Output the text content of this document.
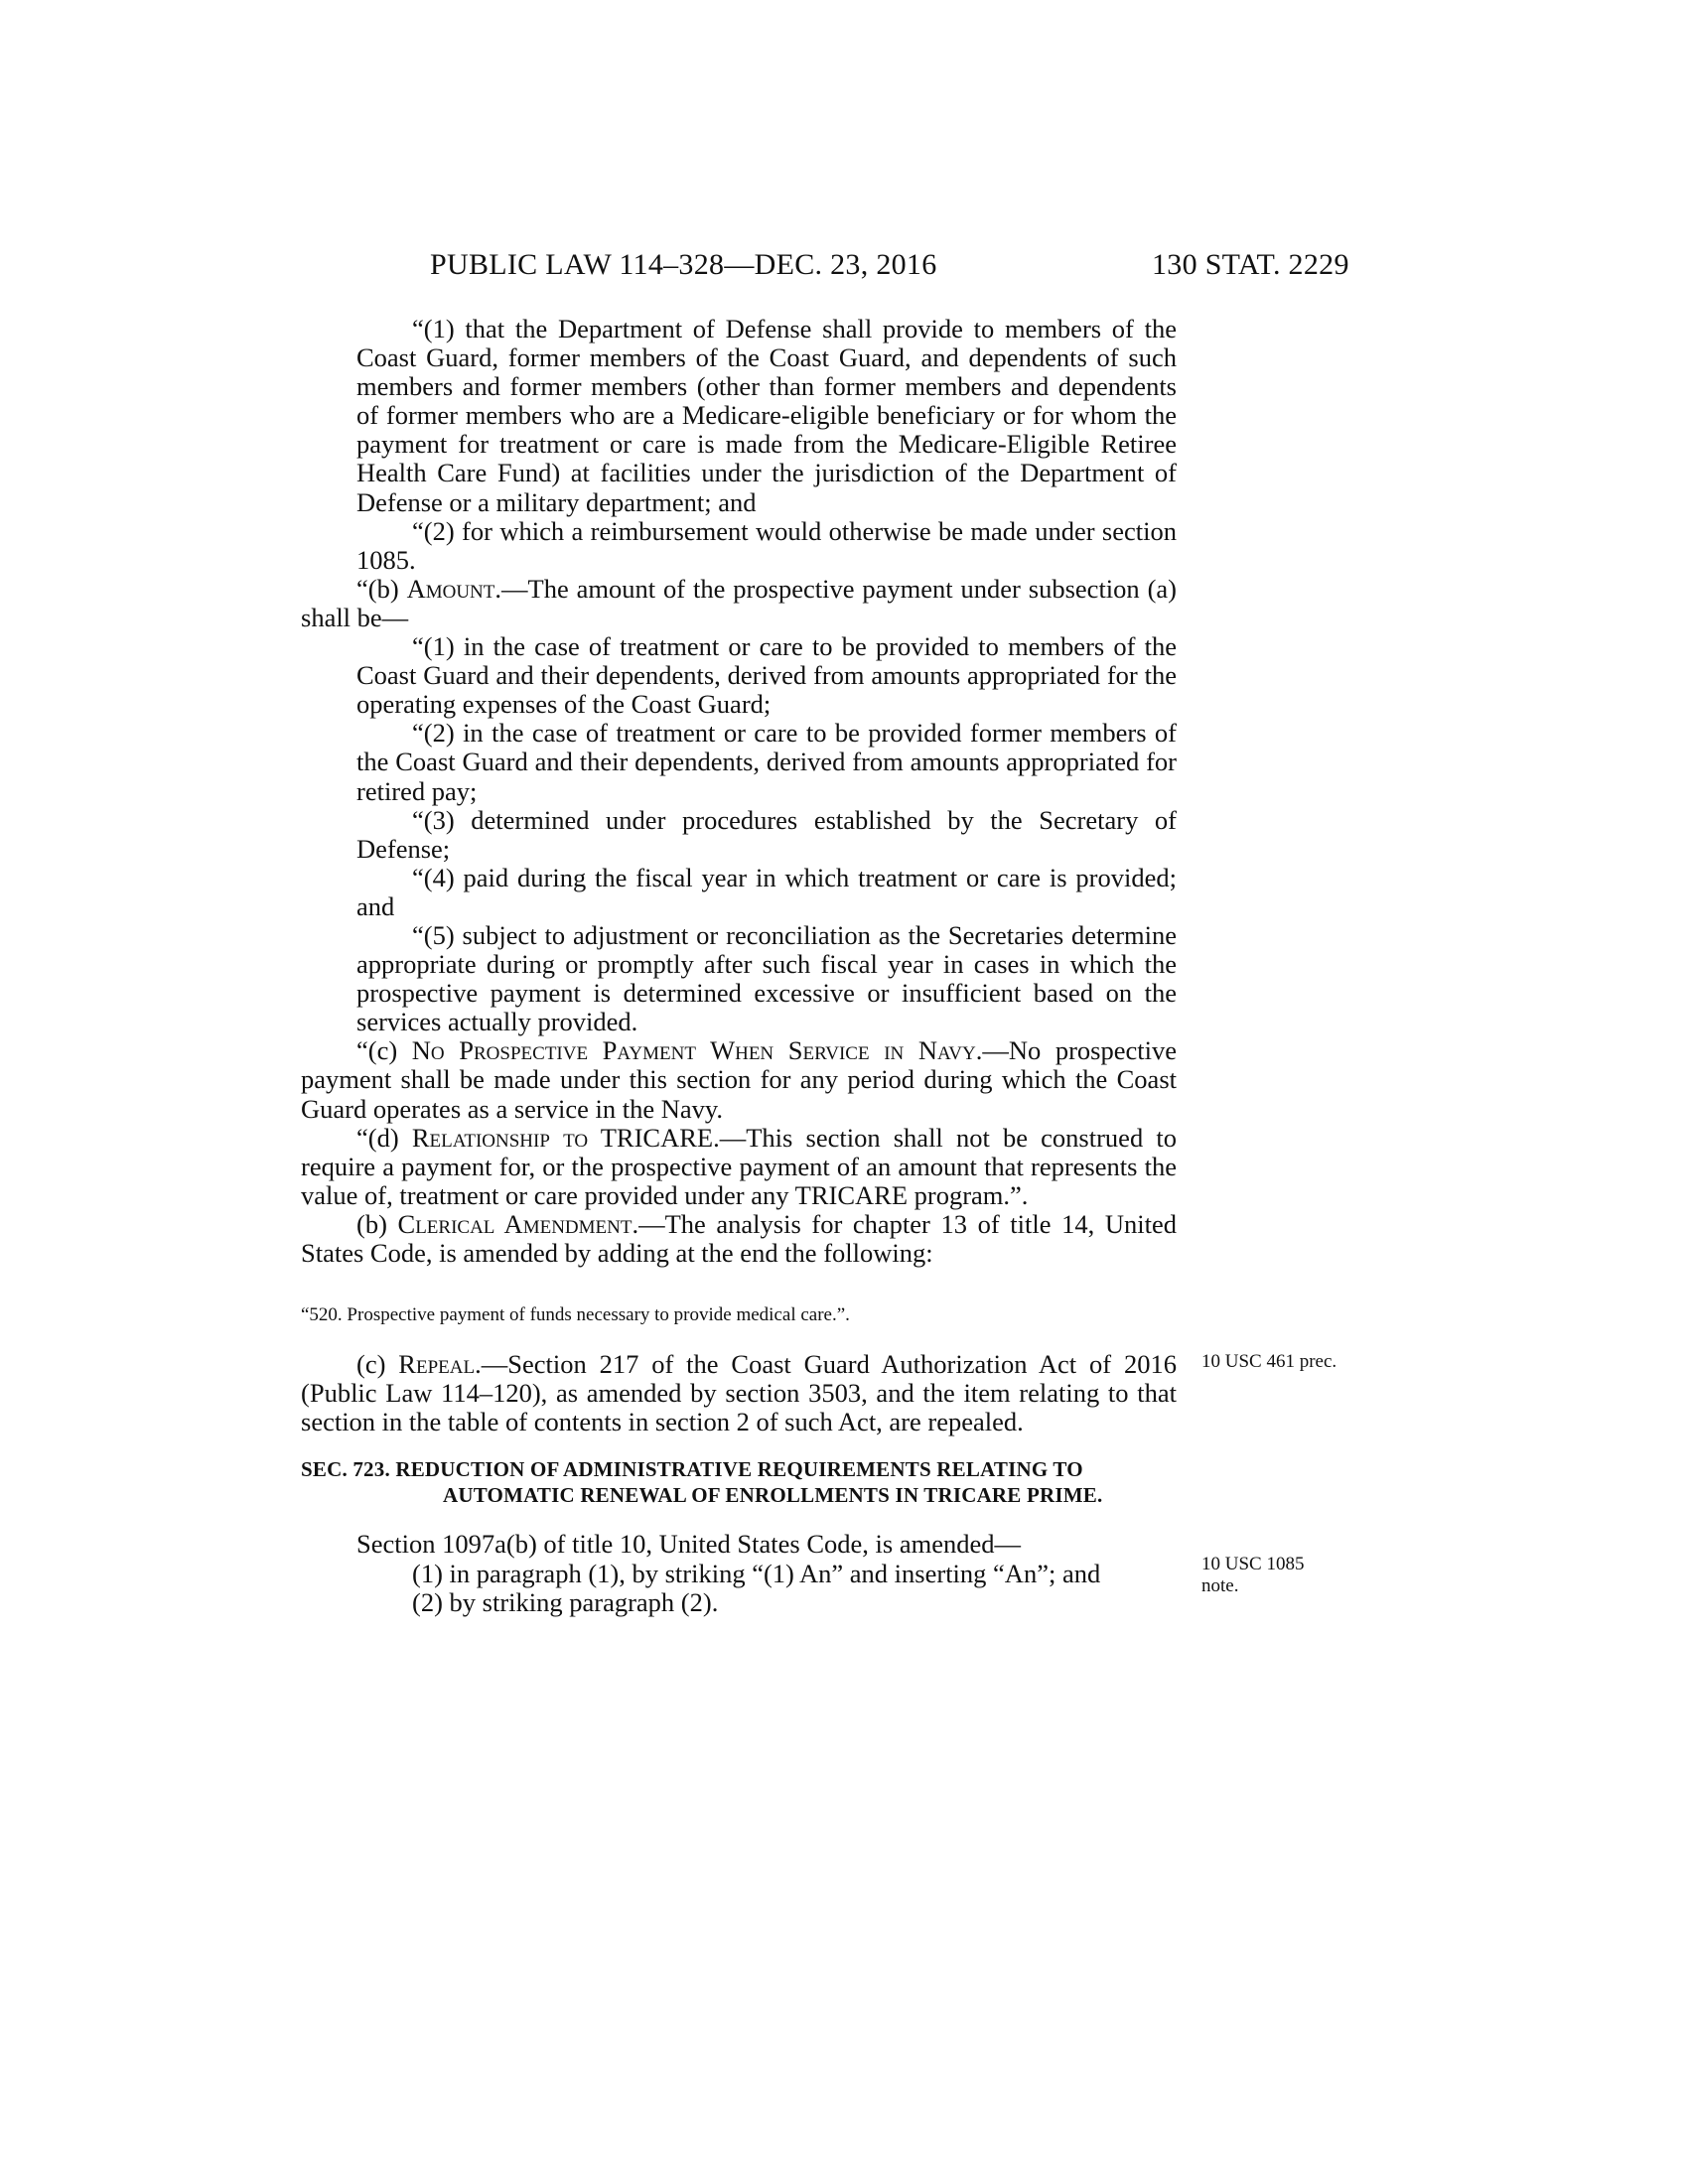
PUBLIC LAW 114–328—DEC. 23, 2016	130 STAT. 2229

“(1) that the Department of Defense shall provide to members of the Coast Guard, former members of the Coast Guard, and dependents of such members and former members (other than former members and dependents of former members who are a Medicare-eligible beneficiary or for whom the payment for treatment or care is made from the Medicare-Eligible Retiree Health Care Fund) at facilities under the jurisdiction of the Department of Defense or a military department; and

“(2) for which a reimbursement would otherwise be made under section 1085.

“(b) Amount.—The amount of the prospective payment under subsection (a) shall be—

“(1) in the case of treatment or care to be provided to members of the Coast Guard and their dependents, derived from amounts appropriated for the operating expenses of the Coast Guard;

“(2) in the case of treatment or care to be provided former members of the Coast Guard and their dependents, derived from amounts appropriated for retired pay;

“(3) determined under procedures established by the Secretary of Defense;

“(4) paid during the fiscal year in which treatment or care is provided; and

“(5) subject to adjustment or reconciliation as the Secretaries determine appropriate during or promptly after such fiscal year in cases in which the prospective payment is determined excessive or insufficient based on the services actually provided.

“(c) No Prospective Payment When Service in Navy.—No prospective payment shall be made under this section for any period during which the Coast Guard operates as a service in the Navy.

“(d) Relationship to TRICARE.—This section shall not be construed to require a payment for, or the prospective payment of an amount that represents the value of, treatment or care provided under any TRICARE program.”.

(b) Clerical Amendment.—The analysis for chapter 13 of title 14, United States Code, is amended by adding at the end the following:

“520. Prospective payment of funds necessary to provide medical care.”.

(c) Repeal.—Section 217 of the Coast Guard Authorization Act of 2016 (Public Law 114–120), as amended by section 3503, and the item relating to that section in the table of contents in section 2 of such Act, are repealed.

SEC. 723. REDUCTION OF ADMINISTRATIVE REQUIREMENTS RELATING TO AUTOMATIC RENEWAL OF ENROLLMENTS IN TRICARE PRIME.

Section 1097a(b) of title 10, United States Code, is amended—

(1) in paragraph (1), by striking “(1) An” and inserting “An”; and

(2) by striking paragraph (2).

10 USC 461 prec.
10 USC 1085
note.
